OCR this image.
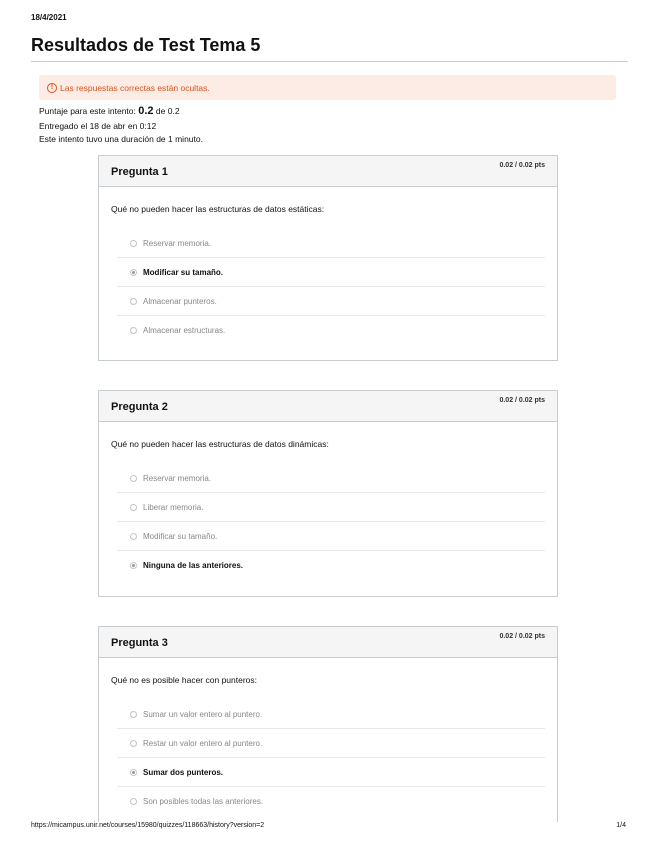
18/4/2021
Resultados de Test Tema 5
! Las respuestas correctas están ocultas.
Puntaje para este intento: 0.2 de 0.2
Entregado el 18 de abr en 0:12
Este intento tuvo una duración de 1 minuto.
Pregunta 1
0.02 / 0.02 pts
Qué no pueden hacer las estructuras de datos estáticas:
Reservar memoria.
Modificar su tamaño.
Almacenar punteros.
Almacenar estructuras.
Pregunta 2
0.02 / 0.02 pts
Qué no pueden hacer las estructuras de datos dinámicas:
Reservar memoria.
Liberar memoria.
Modificar su tamaño.
Ninguna de las anteriores.
Pregunta 3
0.02 / 0.02 pts
Qué no es posible hacer con punteros:
Sumar un valor entero al puntero.
Restar un valor entero al puntero.
Sumar dos punteros.
Son posibles todas las anteriores.
https://micampus.unir.net/courses/15980/quizzes/118663/history?version=2	1/4
